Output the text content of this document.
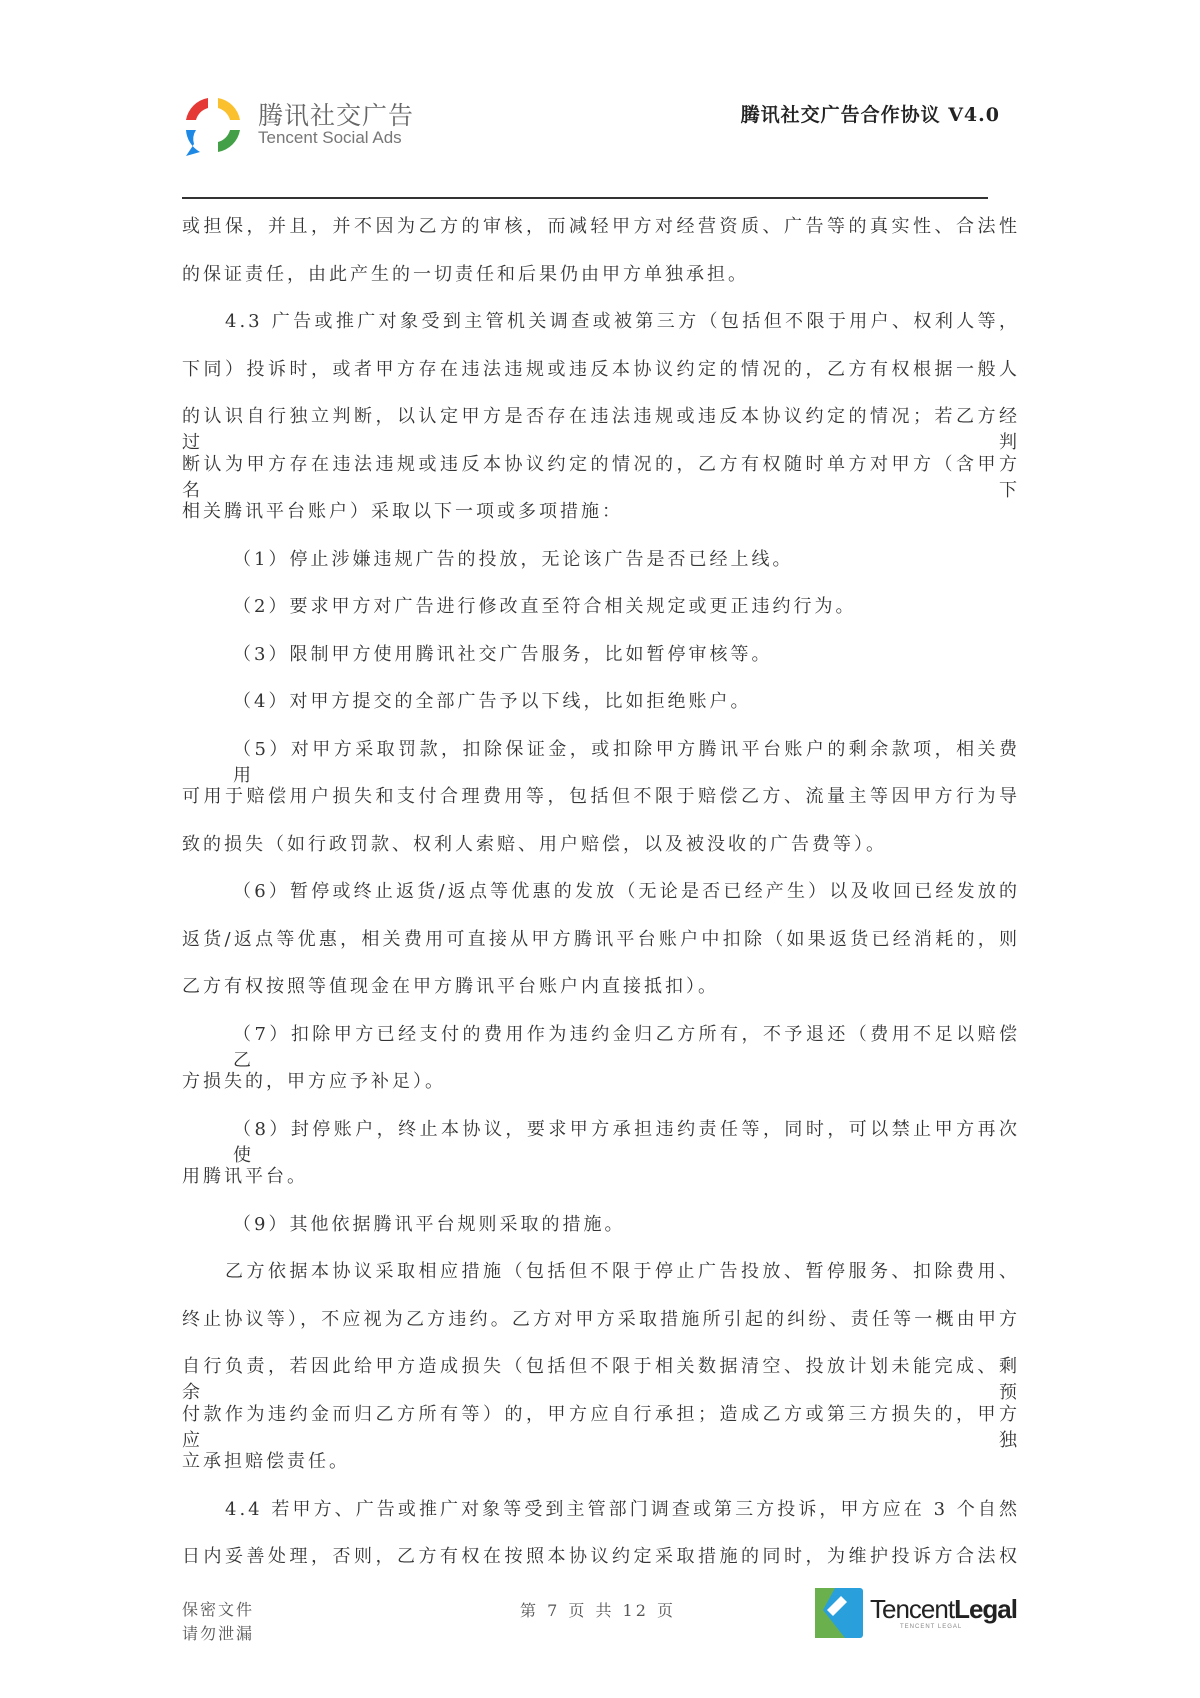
腾讯社交广告
Tencent Social Ads
腾讯社交广告合作协议 V4.0
或担保，并且，并不因为乙方的审核，而减轻甲方对经营资质、广告等的真实性、合法性
的保证责任，由此产生的一切责任和后果仍由甲方单独承担。
4.3 广告或推广对象受到主管机关调查或被第三方（包括但不限于用户、权利人等，
下同）投诉时，或者甲方存在违法违规或违反本协议约定的情况的，乙方有权根据一般人
的认识自行独立判断，以认定甲方是否存在违法违规或违反本协议约定的情况；若乙方经过判
断认为甲方存在违法违规或违反本协议约定的情况的，乙方有权随时单方对甲方（含甲方名下
相关腾讯平台账户）采取以下一项或多项措施：
（1）停止涉嫌违规广告的投放，无论该广告是否已经上线。
（2）要求甲方对广告进行修改直至符合相关规定或更正违约行为。
（3）限制甲方使用腾讯社交广告服务，比如暂停审核等。
（4）对甲方提交的全部广告予以下线，比如拒绝账户。
（5）对甲方采取罚款，扣除保证金，或扣除甲方腾讯平台账户的剩余款项，相关费用
可用于赔偿用户损失和支付合理费用等，包括但不限于赔偿乙方、流量主等因甲方行为导
致的损失（如行政罚款、权利人索赔、用户赔偿，以及被没收的广告费等）。
（6）暂停或终止返货/返点等优惠的发放（无论是否已经产生）以及收回已经发放的
返货/返点等优惠，相关费用可直接从甲方腾讯平台账户中扣除（如果返货已经消耗的，则
乙方有权按照等值现金在甲方腾讯平台账户内直接抵扣）。
（7）扣除甲方已经支付的费用作为违约金归乙方所有，不予退还（费用不足以赔偿乙
方损失的，甲方应予补足）。
（8）封停账户，终止本协议，要求甲方承担违约责任等，同时，可以禁止甲方再次使
用腾讯平台。
（9）其他依据腾讯平台规则采取的措施。
乙方依据本协议采取相应措施（包括但不限于停止广告投放、暂停服务、扣除费用、
终止协议等），不应视为乙方违约。乙方对甲方采取措施所引起的纠纷、责任等一概由甲方
自行负责，若因此给甲方造成损失（包括但不限于相关数据清空、投放计划未能完成、剩余预
付款作为违约金而归乙方所有等）的，甲方应自行承担；造成乙方或第三方损失的，甲方应独
立承担赔偿责任。
4.4 若甲方、广告或推广对象等受到主管部门调查或第三方投诉，甲方应在 3 个自然
日内妥善处理，否则，乙方有权在按照本协议约定采取措施的同时，为维护投诉方合法权
保密文件
请勿泄漏
第 7 页 共 12 页	TencentLegal
TENCENT LEGAL
